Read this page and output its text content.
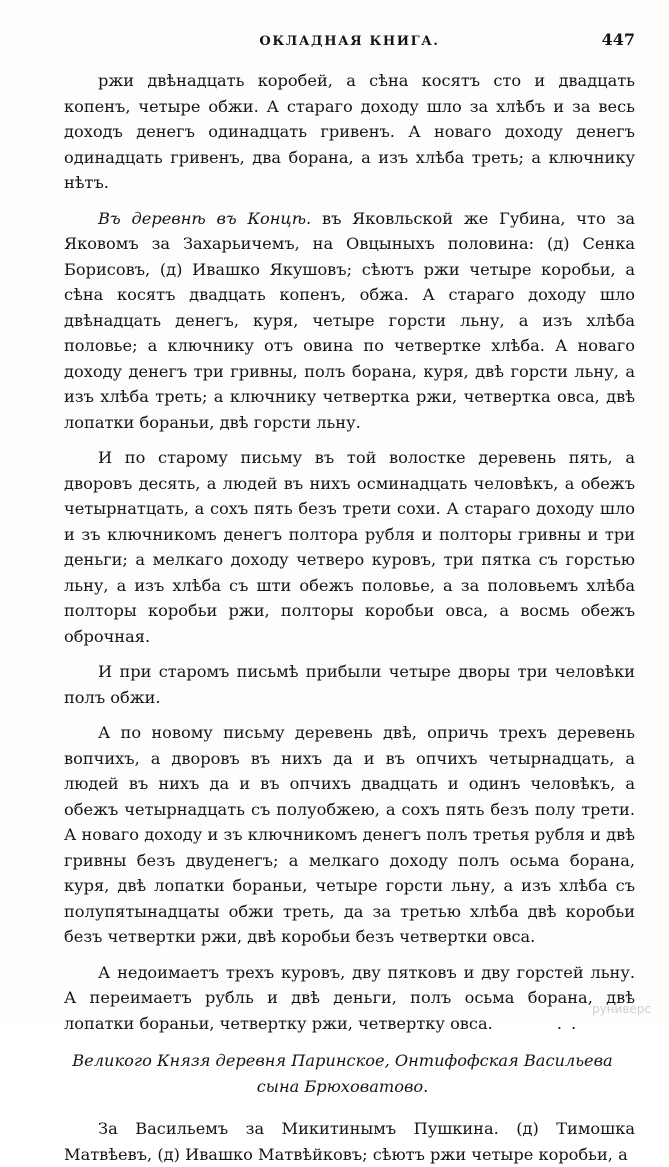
ОКЛАДНАЯ КНИГА.	447

ржи двѣнадцать коробей, а сѣна косятъ сто и двадцать копенъ, четыре обжи. А стараго доходу шло за хлѣбъ и за весь доходъ денегъ одинадцать гривенъ. А новаго доходу денегъ одинадцать гривенъ, два борана, а изъ хлѣба треть; а ключнику нѣтъ.

Въ деревнѣ въ Концѣ. въ Яковльской же Губина, что за Яковомъ за Захарьичемъ, на Овцыныхъ половина: (д) Сенка Борисовъ, (д) Ивашко Якушовъ; сѣютъ ржи четыре коробьи, а сѣна косятъ двадцать копенъ, обжа. А стараго доходу шло двѣнадцать денегъ, куря, четыре горсти льну, а изъ хлѣба половье; а ключнику отъ овина по четвертке хлѣба. А новаго доходу денегъ три гривны, полъ борана, куря, двѣ горсти льну, а изъ хлѣба треть; а ключнику четвертка ржи, четвертка овса, двѣ лопатки бораньи, двѣ горсти льну.

И по старому письму въ той волостке деревень пять, а дворовъ десять, а людей въ нихъ осминадцать человѣкъ, а обежъ четырнатцать, а сохъ пять безъ трети сохи. А стараго доходу шло и зъ ключникомъ денегъ полтора рубля и полторы гривны и три деньги; а мелкаго доходу четверо куровъ, три пятка съ горстью льну, а изъ хлѣба съ шти обежъ половье, а за половьемъ хлѣба полторы коробьи ржи, полторы коробьи овса, а восмь обежъ оброчная.

И при старомъ письмѣ прибыли четыре дворы три человѣки полъ обжи.

А по новому письму деревень двѣ, опричь трехъ деревень вопчихъ, а дворовъ въ нихъ да и въ опчихъ четырнадцать, а людей въ нихъ да и въ опчихъ двадцать и одинъ человѣкъ, а обежъ четырнадцать съ полуобжею, а сохъ пять безъ полу трети. А новаго доходу и зъ ключникомъ денегъ полъ третья рубля и двѣ гривны безъ двуденегъ; а мелкаго доходу полъ осьма борана, куря, двѣ лопатки бораньи, четыре горсти льну, а изъ хлѣба съ полупятынадцаты обжи треть, да за третью хлѣба двѣ коробьи безъ четвертки ржи, двѣ коробьи безъ четвертки овса.

А недоимаетъ трехъ куровъ, дву пятковъ и дву горстей льну. А переимаетъ рубль и двѣ деньги, полъ осьма борана, двѣ лопатки бораньи, четвертку ржи, четвертку овса.	. .

Великого Князя деревня Паринское, Онтифофская Васильева сына Брюховатово.

За Васильемъ за Микитинымъ Пушкина. (д) Тимошка Матвѣевъ, (д) Ивашко Матвѣйковъ; сѣютъ ржи четыре коробьи, а

руниверс
